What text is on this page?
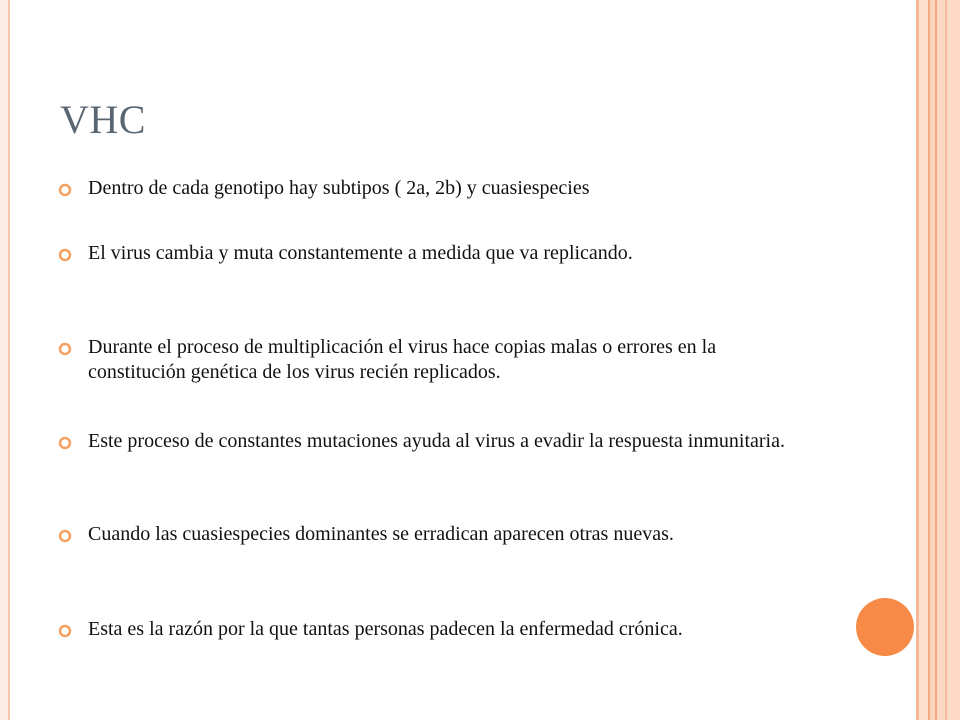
VHC
Dentro de cada genotipo hay subtipos ( 2a, 2b) y cuasiespecies
El virus cambia y muta constantemente a medida que va replicando.
Durante el proceso de multiplicación el virus hace copias malas o errores en la constitución genética de los virus recién replicados.
Este proceso de constantes mutaciones ayuda al virus a evadir la respuesta inmunitaria.
Cuando las cuasiespecies dominantes se erradican aparecen otras nuevas.
Esta es la razón por la que tantas personas padecen la enfermedad crónica.
